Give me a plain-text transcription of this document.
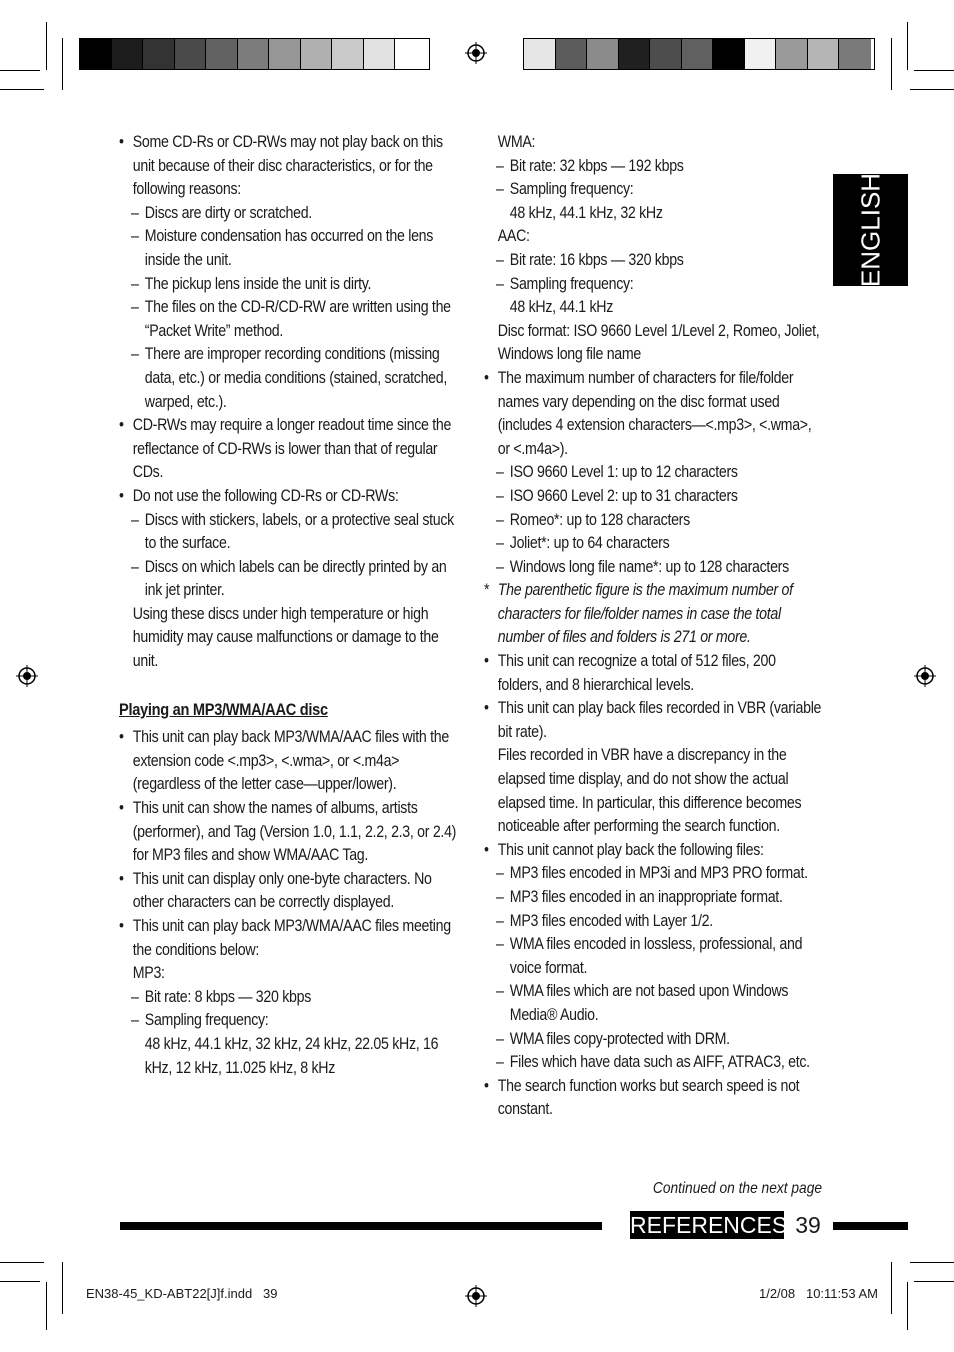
ENGLISH

• Some CD-Rs or CD-RWs may not play back on this unit because of their disc characteristics, or for the following reasons:

– Discs are dirty or scratched.

– Moisture condensation has occurred on the lens inside the unit.

– The pickup lens inside the unit is dirty.

– The files on the CD-R/CD-RW are written using the “Packet Write” method.

– There are improper recording conditions (missing data, etc.) or media conditions (stained, scratched, warped, etc.).

• CD-RWs may require a longer readout time since the reflectance of CD-RWs is lower than that of regular CDs.

• Do not use the following CD-Rs or CD-RWs:

– Discs with stickers, labels, or a protective seal stuck to the surface.

– Discs on which labels can be directly printed by an ink jet printer.

Using these discs under high temperature or high humidity may cause malfunctions or damage to the unit.

Playing an MP3/WMA/AAC disc

• This unit can play back MP3/WMA/AAC files with the extension code <.mp3>, <.wma>, or <.m4a> (regardless of the letter case—upper/lower).

• This unit can show the names of albums, artists (performer), and Tag (Version 1.0, 1.1, 2.2, 2.3, or 2.4) for MP3 files and show WMA/AAC Tag.

• This unit can display only one-byte characters. No other characters can be correctly displayed.

• This unit can play back MP3/WMA/AAC files meeting the conditions below:

MP3:

– Bit rate: 8 kbps — 320 kbps

– Sampling frequency:

48 kHz, 44.1 kHz, 32 kHz, 24 kHz, 22.05 kHz, 16 kHz, 12 kHz, 11.025 kHz, 8 kHz

WMA:

– Bit rate: 32 kbps — 192 kbps

– Sampling frequency:

48 kHz, 44.1 kHz, 32 kHz

AAC:

– Bit rate: 16 kbps — 320 kbps

– Sampling frequency:

48 kHz, 44.1 kHz

Disc format: ISO 9660 Level 1/Level 2, Romeo, Joliet, Windows long file name

• The maximum number of characters for file/folder names vary depending on the disc format used (includes 4 extension characters—<.mp3>, <.wma>, or <.m4a>).

– ISO 9660 Level 1: up to 12 characters

– ISO 9660 Level 2: up to 31 characters

– Romeo*: up to 128 characters

– Joliet*: up to 64 characters

– Windows long file name*: up to 128 characters

* The parenthetic figure is the maximum number of characters for file/folder names in case the total number of files and folders is 271 or more.

• This unit can recognize a total of 512 files, 200 folders, and 8 hierarchical levels.

• This unit can play back files recorded in VBR (variable bit rate).

Files recorded in VBR have a discrepancy in the elapsed time display, and do not show the actual elapsed time. In particular, this difference becomes noticeable after performing the search function.

• This unit cannot play back the following files:

– MP3 files encoded in MP3i and MP3 PRO format.

– MP3 files encoded in an inappropriate format.

– MP3 files encoded with Layer 1/2.

– WMA files encoded in lossless, professional, and voice format.

– WMA files which are not based upon Windows Media® Audio.

– WMA files copy-protected with DRM.

– Files which have data such as AIFF, ATRAC3, etc.

• The search function works but search speed is not constant.

Continued on the next page
REFERENCES 39
EN38-45_KD-ABT22[J]f.indd   39	1/2/08   10:11:53 AM
